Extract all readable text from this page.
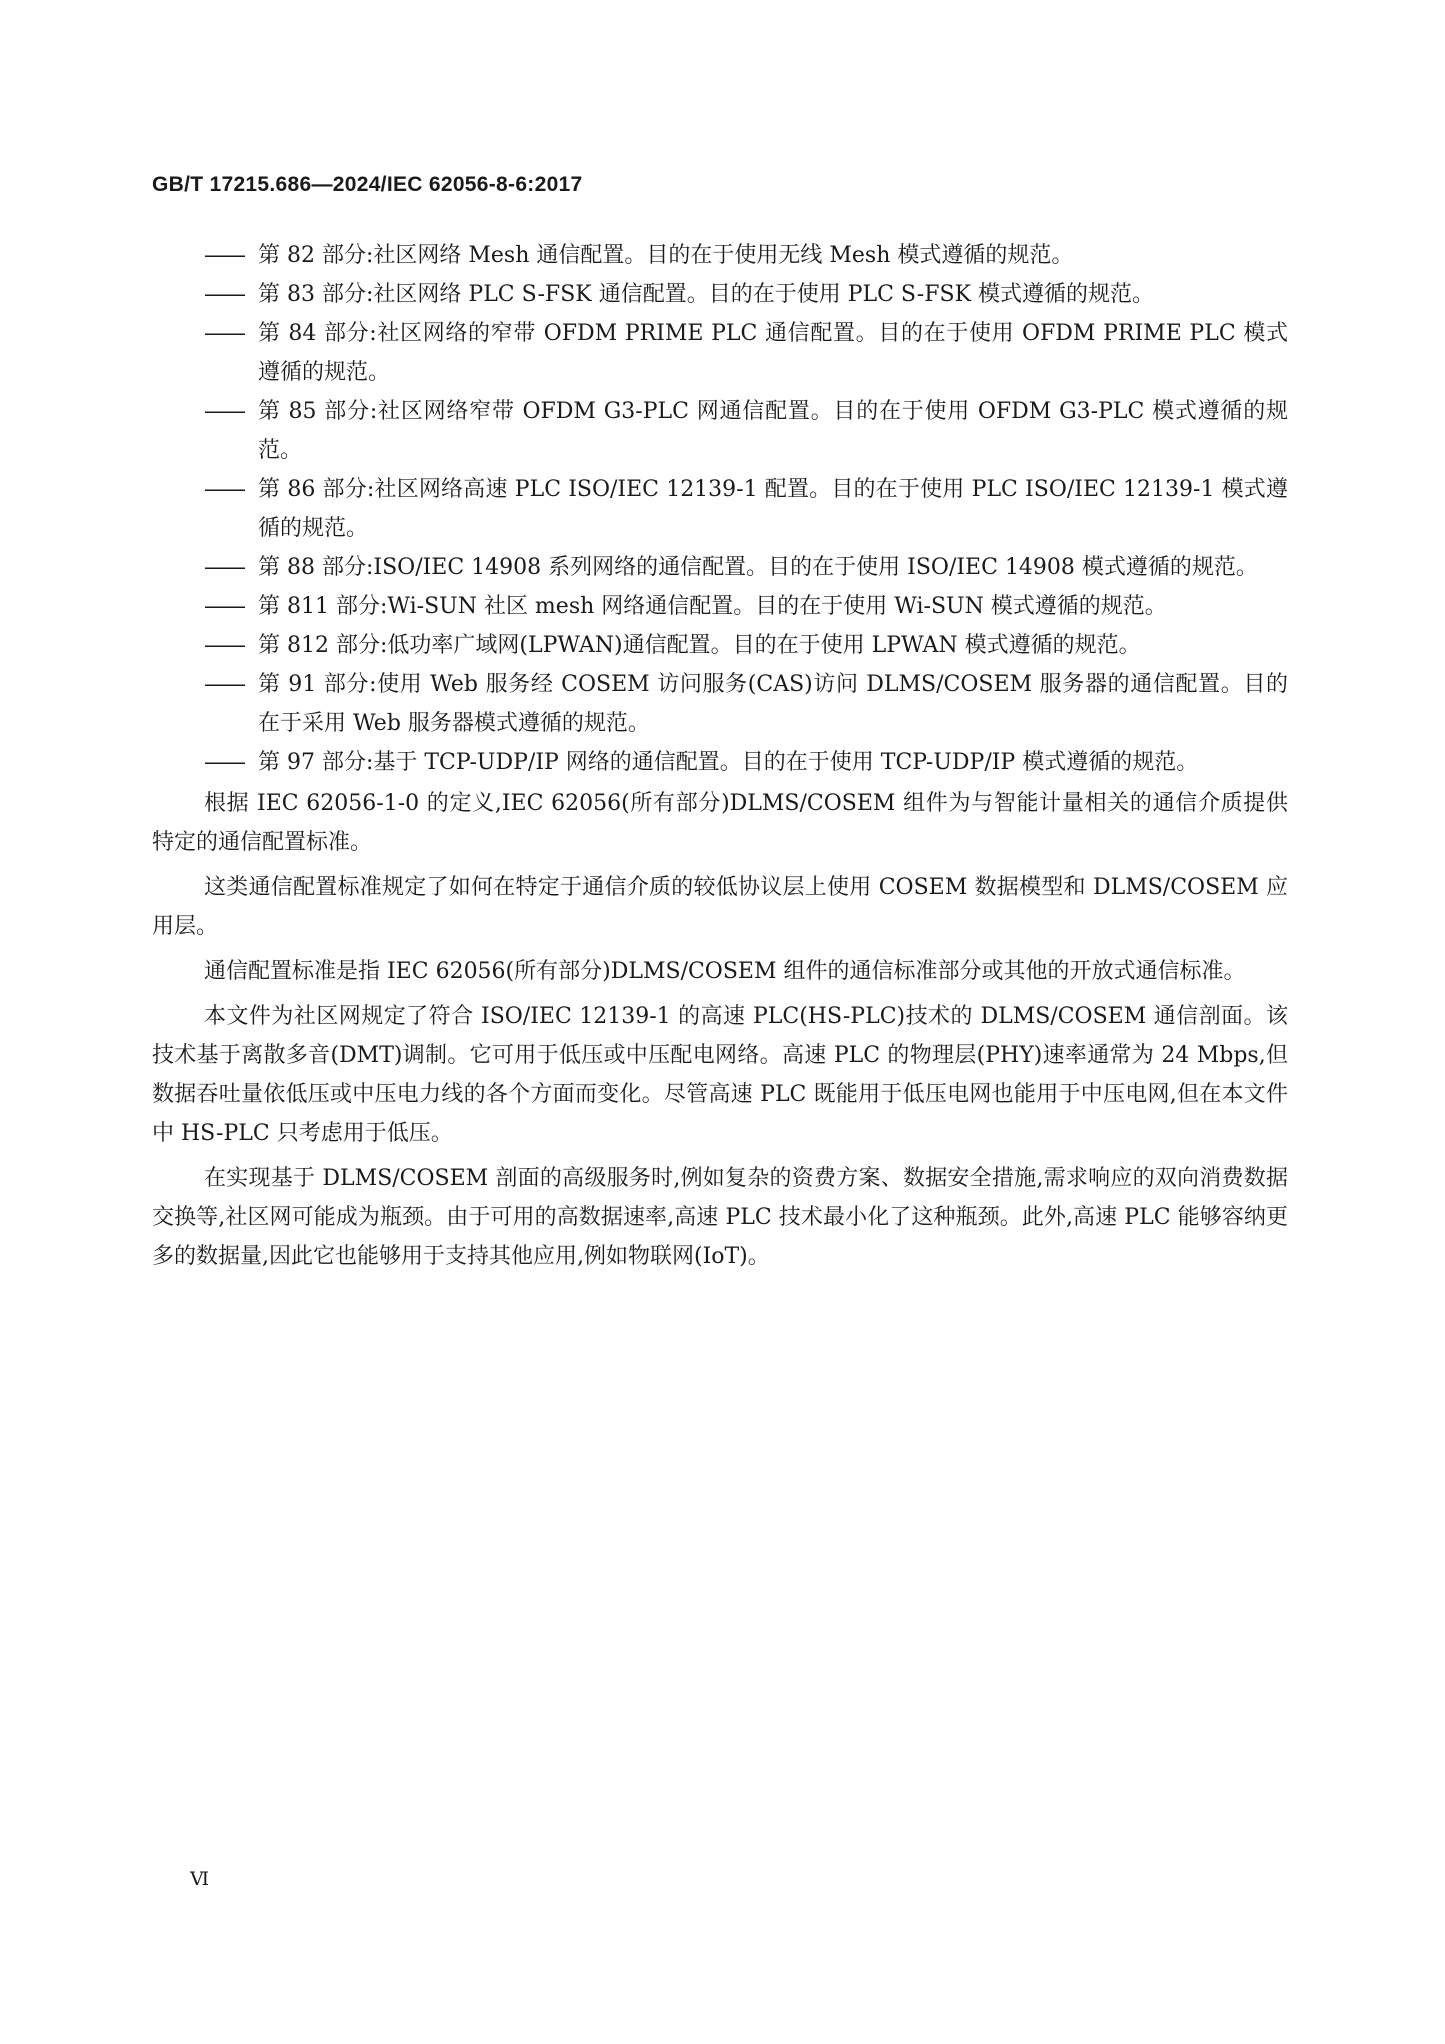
GB/T 17215.686—2024/IEC 62056-8-6:2017
—— 第 82 部分:社区网络 Mesh 通信配置。目的在于使用无线 Mesh 模式遵循的规范。
—— 第 83 部分:社区网络 PLC S-FSK 通信配置。目的在于使用 PLC S-FSK 模式遵循的规范。
—— 第 84 部分:社区网络的窄带 OFDM PRIME PLC 通信配置。目的在于使用 OFDM PRIME PLC 模式遵循的规范。
—— 第 85 部分:社区网络窄带 OFDM G3-PLC 网通信配置。目的在于使用 OFDM G3-PLC 模式遵循的规范。
—— 第 86 部分:社区网络高速 PLC ISO/IEC 12139-1 配置。目的在于使用 PLC ISO/IEC 12139-1 模式遵循的规范。
—— 第 88 部分:ISO/IEC 14908 系列网络的通信配置。目的在于使用 ISO/IEC 14908 模式遵循的规范。
—— 第 811 部分:Wi-SUN 社区 mesh 网络通信配置。目的在于使用 Wi-SUN 模式遵循的规范。
—— 第 812 部分:低功率广域网(LPWAN)通信配置。目的在于使用 LPWAN 模式遵循的规范。
—— 第 91 部分:使用 Web 服务经 COSEM 访问服务(CAS)访问 DLMS/COSEM 服务器的通信配置。目的在于采用 Web 服务器模式遵循的规范。
—— 第 97 部分:基于 TCP-UDP/IP 网络的通信配置。目的在于使用 TCP-UDP/IP 模式遵循的规范。

根据 IEC 62056-1-0 的定义,IEC 62056(所有部分)DLMS/COSEM 组件为与智能计量相关的通信介质提供特定的通信配置标准。

这类通信配置标准规定了如何在特定于通信介质的较低协议层上使用 COSEM 数据模型和 DLMS/COSEM 应用层。

通信配置标准是指 IEC 62056(所有部分)DLMS/COSEM 组件的通信标准部分或其他的开放式通信标准。

本文件为社区网规定了符合 ISO/IEC 12139-1 的高速 PLC(HS-PLC)技术的 DLMS/COSEM 通信剖面。该技术基于离散多音(DMT)调制。它可用于低压或中压配电网络。高速 PLC 的物理层(PHY)速率通常为 24 Mbps,但数据吞吐量依低压或中压电力线的各个方面而变化。尽管高速 PLC 既能用于低压电网也能用于中压电网,但在本文件中 HS-PLC 只考虑用于低压。

在实现基于 DLMS/COSEM 剖面的高级服务时,例如复杂的资费方案、数据安全措施,需求响应的双向消费数据交换等,社区网可能成为瓶颈。由于可用的高数据速率,高速 PLC 技术最小化了这种瓶颈。此外,高速 PLC 能够容纳更多的数据量,因此它也能够用于支持其他应用,例如物联网(IoT)。

Ⅵ
